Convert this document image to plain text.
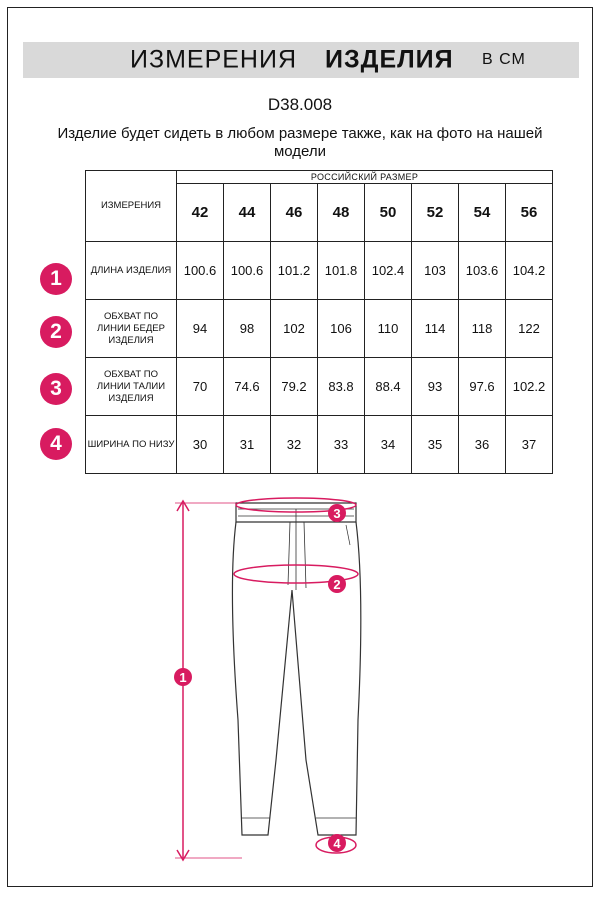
ИЗМЕРЕНИЯ ИЗДЕЛИЯ В СМ
D38.008
Изделие будет сидеть в любом размере также, как на фото на нашей модели
ИЗМЕРЕНИЯ	РОССИЙСКИЙ РАЗМЕР							
	42	44	46	48	50	52	54	56
ДЛИНА ИЗДЕЛИЯ	100.6	100.6	101.2	101.8	102.4	103	103.6	104.2
ОБХВАТ ПО ЛИНИИ БЕДЕР ИЗДЕЛИЯ	94	98	102	106	110	114	118	122
ОБХВАТ ПО ЛИНИИ ТАЛИИ ИЗДЕЛИЯ	70	74.6	79.2	83.8	88.4	93	97.6	102.2
ШИРИНА ПО НИЗУ	30	31	32	33	34	35	36	37
1
2
3
4
1
2
3
4
